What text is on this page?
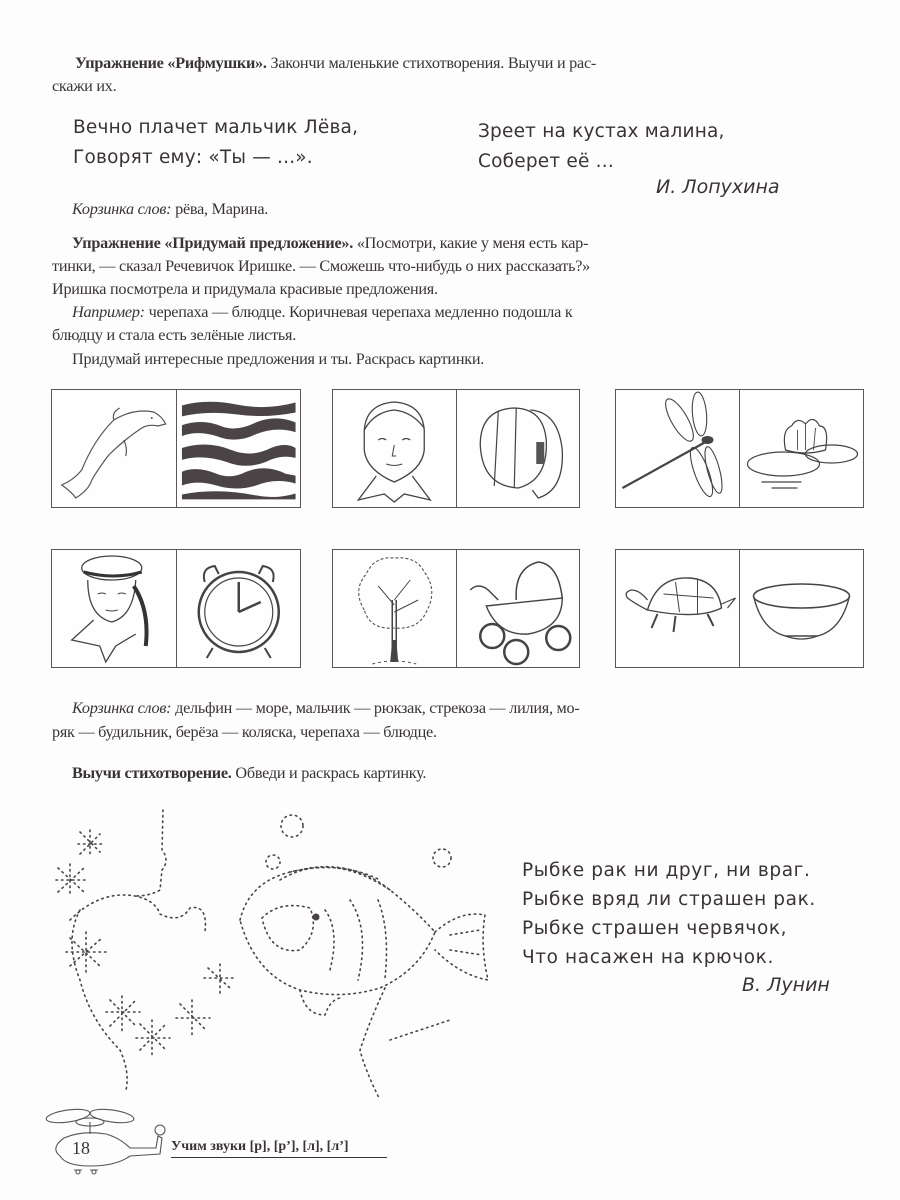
Упражнение «Рифмушки». Закончи маленькие стихотворения. Выучи и рас-
скажи их.
Вечно плачет мальчик Лёва,
Говорят ему: «Ты — ...».
Зреет на кустах малина,
Соберет её ...
И. Лопухина
Корзинка слов: рёва, Марина.
Упражнение «Придумай предложение». «Посмотри, какие у меня есть кар-
тинки, — сказал Речевичок Иришке. — Сможешь что-нибудь о них рассказать?»
Иришка посмотрела и придумала красивые предложения.
Например: черепаха — блюдце. Коричневая черепаха медленно подошла к
блюдцу и стала есть зелёные листья.
Придумай интересные предложения и ты. Раскрась картинки.
Корзинка слов: дельфин — море, мальчик — рюкзак, стрекоза — лилия, мо-
ряк — будильник, берёза — коляска, черепаха — блюдце.
Выучи стихотворение. Обведи и раскрась картинку.
Рыбке рак ни друг, ни враг.
Рыбке вряд ли страшен рак.
Рыбке страшен червячок,
Что насажен на крючок.
В. Лунин
18	Учим звуки [р], [р’], [л], [л’]
